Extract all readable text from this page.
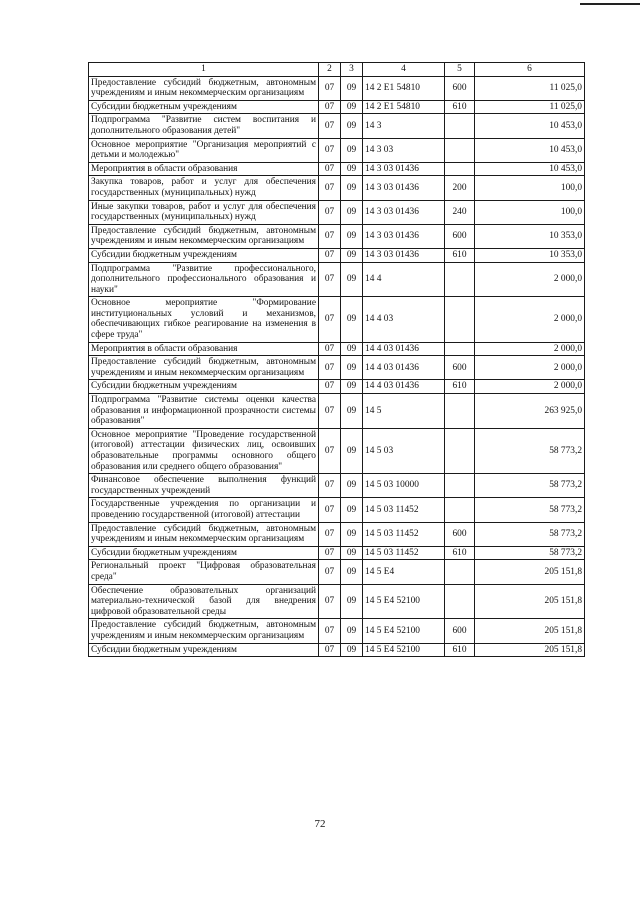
1	2	3	4	5	6
Предоставление субсидий бюджетным, автономным учреждениям и иным некоммерческим организациям	07	09	14 2 E1 54810	600	11 025,0
Субсидии бюджетным учреждениям	07	09	14 2 E1 54810	610	11 025,0
Подпрограмма "Развитие систем воспитания и дополнительного образования детей"	07	09	14 3		10 453,0
Основное мероприятие "Организация мероприятий с детьми и молодежью"	07	09	14 3 03		10 453,0
Мероприятия в области образования	07	09	14 3 03 01436		10 453,0
Закупка товаров, работ и услуг для обеспечения государственных (муниципальных) нужд	07	09	14 3 03 01436	200	100,0
Иные закупки товаров, работ и услуг для обеспечения государственных (муниципальных) нужд	07	09	14 3 03 01436	240	100,0
Предоставление субсидий бюджетным, автономным учреждениям и иным некоммерческим организациям	07	09	14 3 03 01436	600	10 353,0
Субсидии бюджетным учреждениям	07	09	14 3 03 01436	610	10 353,0
Подпрограмма "Развитие профессионального, дополнительного профессионального образования и науки"	07	09	14 4		2 000,0
Основное мероприятие "Формирование институциональных условий и механизмов, обеспечивающих гибкое реагирование на изменения в сфере труда"	07	09	14 4 03		2 000,0
Мероприятия в области образования	07	09	14 4 03 01436		2 000,0
Предоставление субсидий бюджетным, автономным учреждениям и иным некоммерческим организациям	07	09	14 4 03 01436	600	2 000,0
Субсидии бюджетным учреждениям	07	09	14 4 03 01436	610	2 000,0
Подпрограмма "Развитие системы оценки качества образования и информационной прозрачности системы образования"	07	09	14 5		263 925,0
Основное мероприятие "Проведение государственной (итоговой) аттестации физических лиц, освоивших образовательные программы основного общего образования или среднего общего образования"	07	09	14 5 03		58 773,2
Финансовое обеспечение выполнения функций государственных учреждений	07	09	14 5 03 10000		58 773,2
Государственные учреждения по организации и проведению государственной (итоговой) аттестации	07	09	14 5 03 11452		58 773,2
Предоставление субсидий бюджетным, автономным учреждениям и иным некоммерческим организациям	07	09	14 5 03 11452	600	58 773,2
Субсидии бюджетным учреждениям	07	09	14 5 03 11452	610	58 773,2
Региональный проект "Цифровая образовательная среда"	07	09	14 5 E4		205 151,8
Обеспечение образовательных организаций материально-технической базой для внедрения цифровой образовательной среды	07	09	14 5 E4 52100		205 151,8
Предоставление субсидий бюджетным, автономным учреждениям и иным некоммерческим организациям	07	09	14 5 E4 52100	600	205 151,8
Субсидии бюджетным учреждениям	07	09	14 5 E4 52100	610	205 151,8
72
